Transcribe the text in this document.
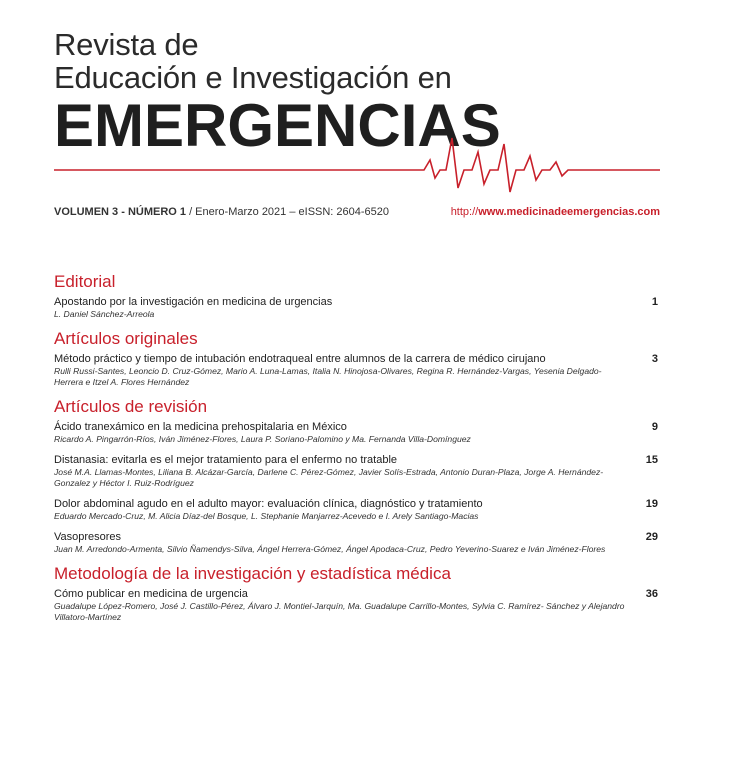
Revista de
Educación e Investigación en
EMERGENCIAS
VOLUMEN 3 - NÚMERO 1 / Enero-Marzo 2021 – eISSN: 2604-6520	http://www.medicinadeemergencias.com
Editorial
Apostando por la investigación en medicina de urgencias
L. Daniel Sánchez-Arreola
1
Artículos originales
Método práctico y tiempo de intubación endotraqueal entre alumnos de la carrera de médico cirujano
Rulli Russi-Santes, Leoncio D. Cruz-Gómez, Mario A. Luna-Lamas, Italia N. Hinojosa-Olivares, Regina R. Hernández-Vargas, Yesenia Delgado-Herrera e Itzel A. Flores Hernández
3
Artículos de revisión
Ácido tranexámico en la medicina prehospitalaria en México
Ricardo A. Pingarrón-Ríos, Iván Jiménez-Flores, Laura P. Soriano-Palomino y Ma. Fernanda Villa-Domínguez
9
Distanasia: evitarla es el mejor tratamiento para el enfermo no tratable
José M.A. Llamas-Montes, Liliana B. Alcázar-García, Darlene C. Pérez-Gómez, Javier Solís-Estrada, Antonio Duran-Plaza, Jorge A. Hernández-Gonzalez y Héctor I. Ruiz-Rodríguez
15
Dolor abdominal agudo en el adulto mayor: evaluación clínica, diagnóstico y tratamiento
Eduardo Mercado-Cruz, M. Alicia Díaz-del Bosque, L. Stephanie Manjarrez-Acevedo e I. Arely Santiago-Macias
19
Vasopresores
Juan M. Arredondo-Armenta, Silvio Ñamendys-Silva, Ángel Herrera-Gómez, Ángel Apodaca-Cruz, Pedro Yeverino-Suarez e Iván Jiménez-Flores
29
Metodología de la investigación y estadística médica
Cómo publicar en medicina de urgencia
Guadalupe López-Romero, José J. Castillo-Pérez, Álvaro J. Montiel-Jarquín, Ma. Guadalupe Carrillo-Montes, Sylvia C. Ramírez- Sánchez y Alejandro Villatoro-Martínez
36
